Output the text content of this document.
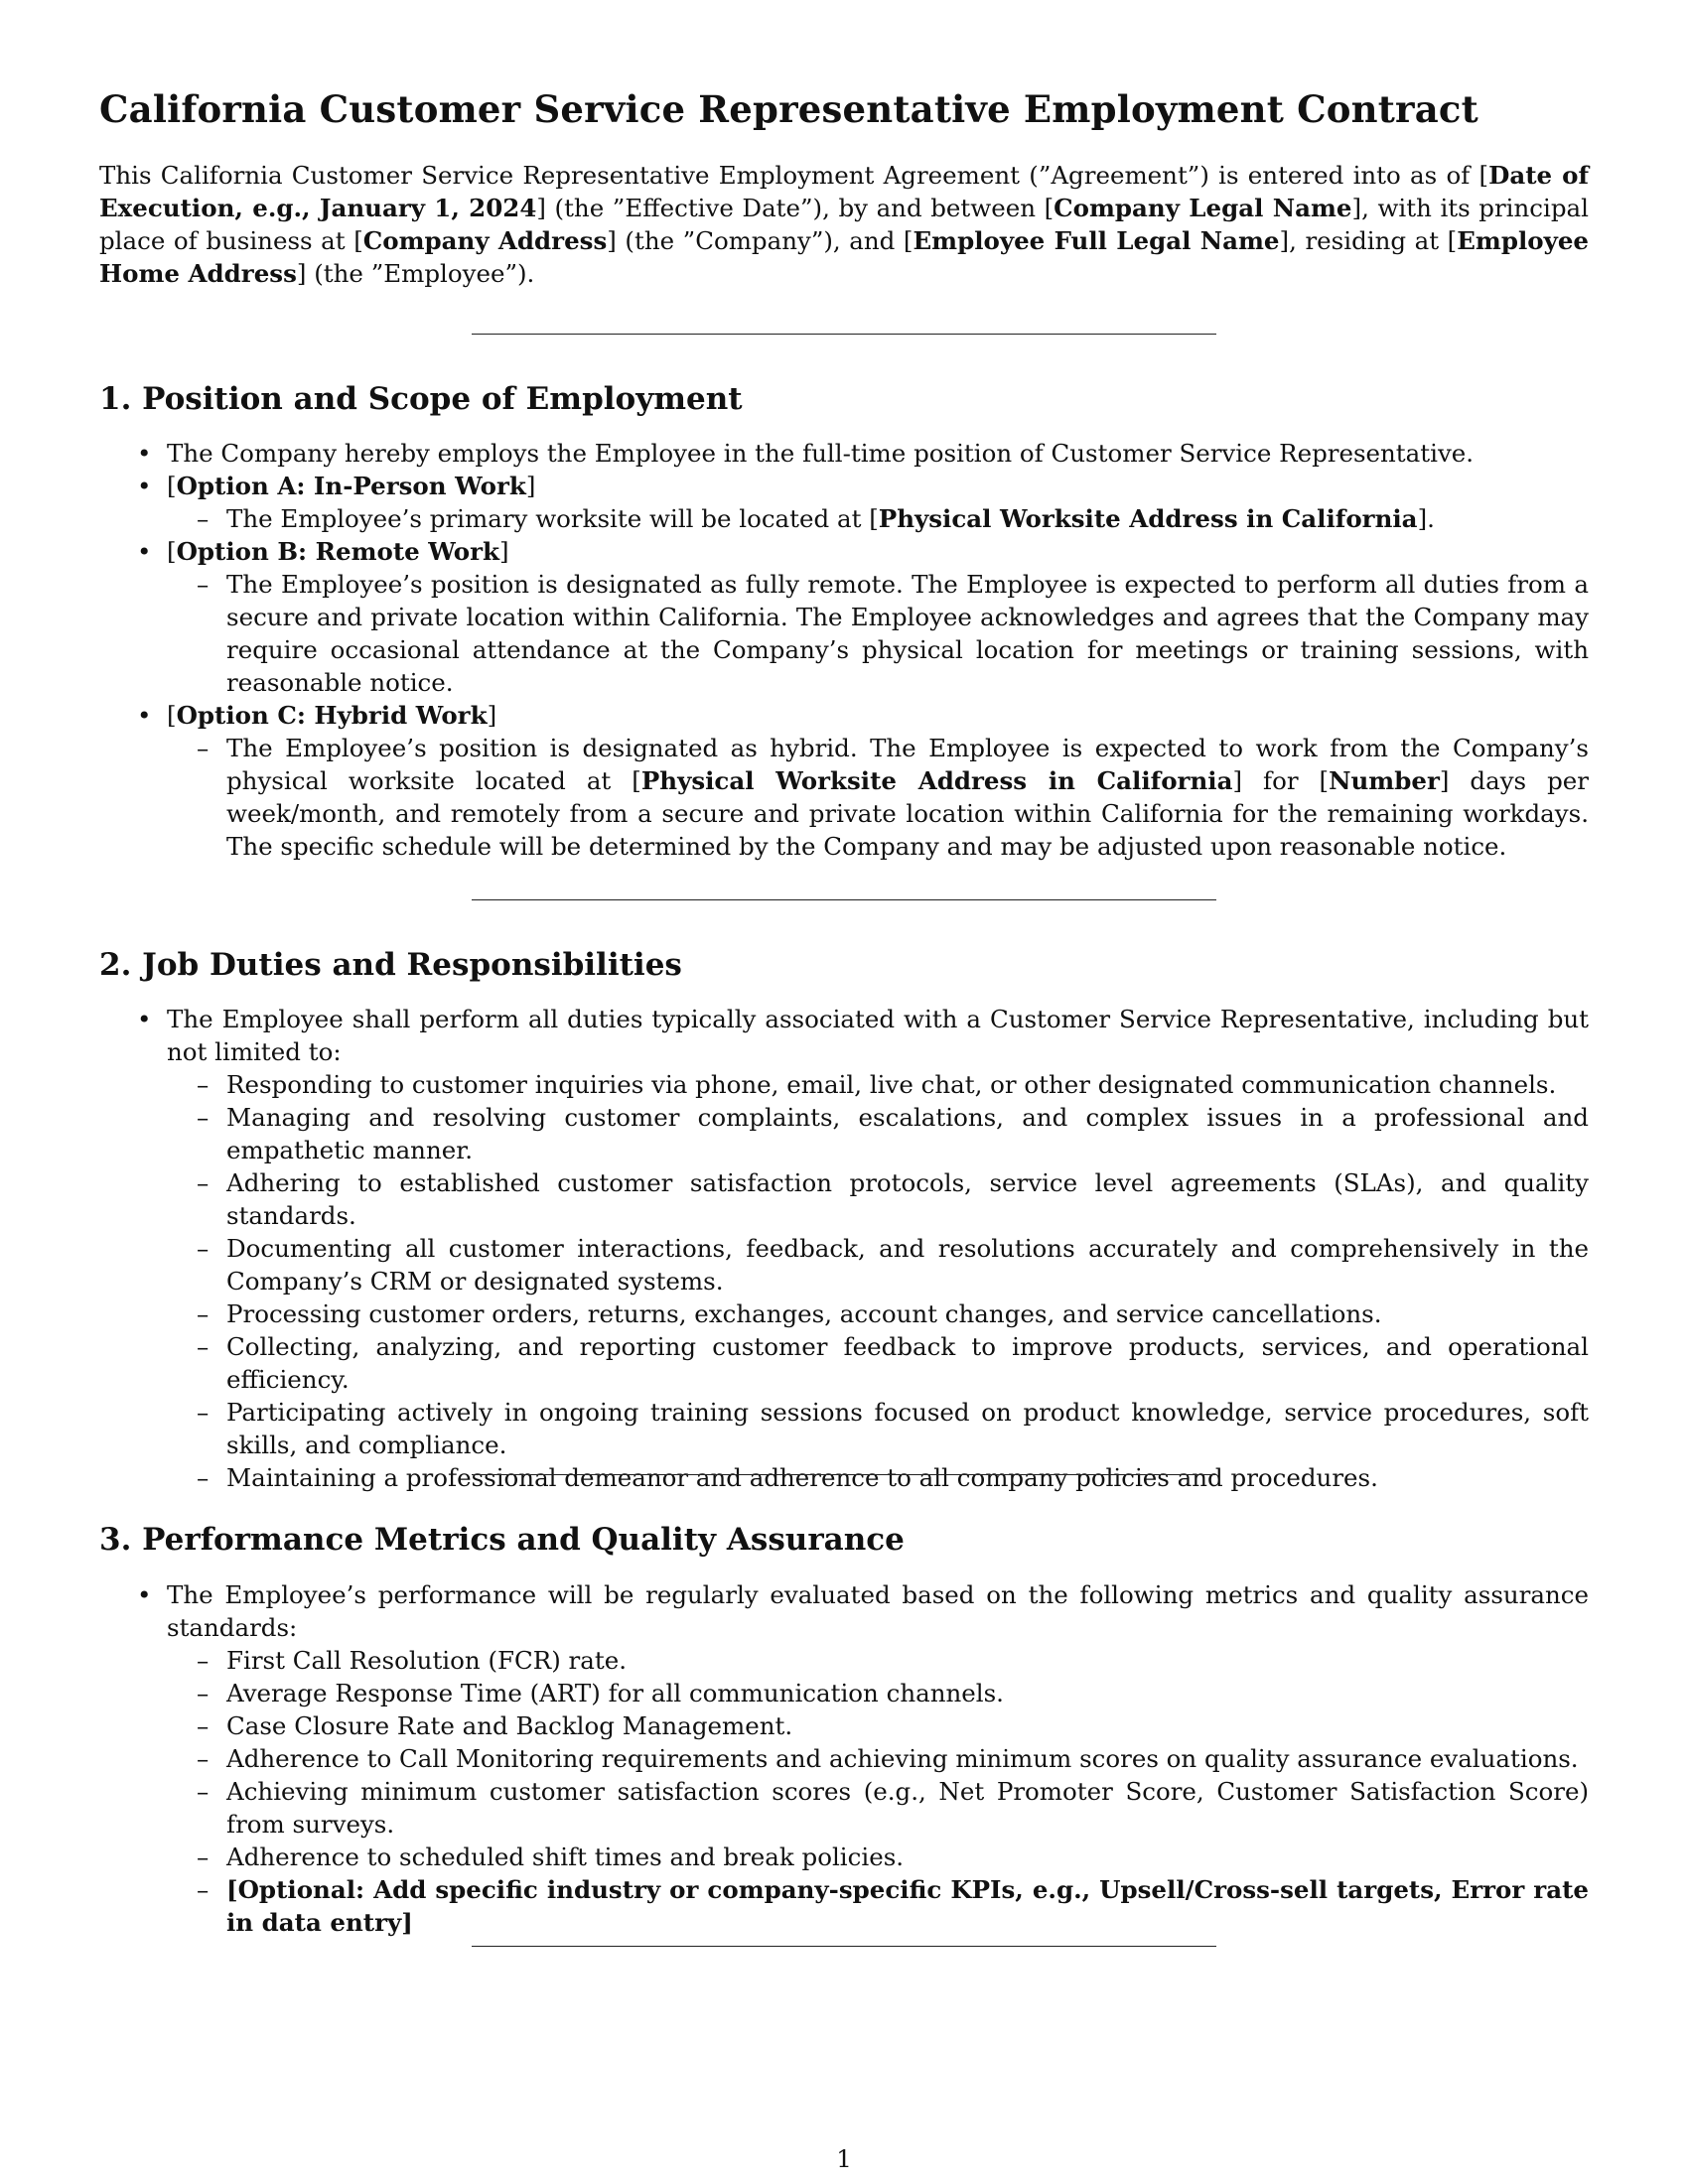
California Customer Service Representative Employment Contract

This California Customer Service Representative Employment Agreement (”Agreement”) is entered into as of [Date of Execution, e.g., January 1, 2024] (the ”Effective Date”), by and between [Company Legal Name], with its principal place of business at [Company Address] (the ”Company”), and [Employee Full Legal Name], residing at [Employee Home Address] (the ”Employee”).

1. Position and Scope of Employment
• The Company hereby employs the Employee in the full-time position of Customer Service Representative.
• [Option A: In-Person Work]
– The Employee’s primary worksite will be located at [Physical Worksite Address in California].
• [Option B: Remote Work]
– The Employee’s position is designated as fully remote. The Employee is expected to perform all duties from a secure and private location within California. The Employee acknowledges and agrees that the Company may require occasional attendance at the Company’s physical location for meetings or training sessions, with reasonable notice.
• [Option C: Hybrid Work]
– The Employee’s position is designated as hybrid. The Employee is expected to work from the Company’s physical worksite located at [Physical Worksite Address in California] for [Number] days per week/month, and remotely from a secure and private location within California for the remaining workdays. The specific schedule will be determined by the Company and may be adjusted upon reasonable notice.
2. Job Duties and Responsibilities
• The Employee shall perform all duties typically associated with a Customer Service Representative, including but not limited to:
– Responding to customer inquiries via phone, email, live chat, or other designated communication channels.
– Managing and resolving customer complaints, escalations, and complex issues in a professional and empathetic manner.
– Adhering to established customer satisfaction protocols, service level agreements (SLAs), and quality standards.
– Documenting all customer interactions, feedback, and resolutions accurately and comprehensively in the Company’s CRM or designated systems.
– Processing customer orders, returns, exchanges, account changes, and service cancellations.
– Collecting, analyzing, and reporting customer feedback to improve products, services, and operational efficiency.
– Participating actively in ongoing training sessions focused on product knowledge, service procedures, soft skills, and compliance.
– Maintaining a professional demeanor and adherence to all company policies and procedures.
3. Performance Metrics and Quality Assurance
• The Employee’s performance will be regularly evaluated based on the following metrics and quality assurance standards:
– First Call Resolution (FCR) rate.
– Average Response Time (ART) for all communication channels.
– Case Closure Rate and Backlog Management.
– Adherence to Call Monitoring requirements and achieving minimum scores on quality assurance evaluations.
– Achieving minimum customer satisfaction scores (e.g., Net Promoter Score, Customer Satisfaction Score) from surveys.
– Adherence to scheduled shift times and break policies.
– [Optional: Add specific industry or company-specific KPIs, e.g., Upsell/Cross-sell targets, Error rate in data entry]
1
